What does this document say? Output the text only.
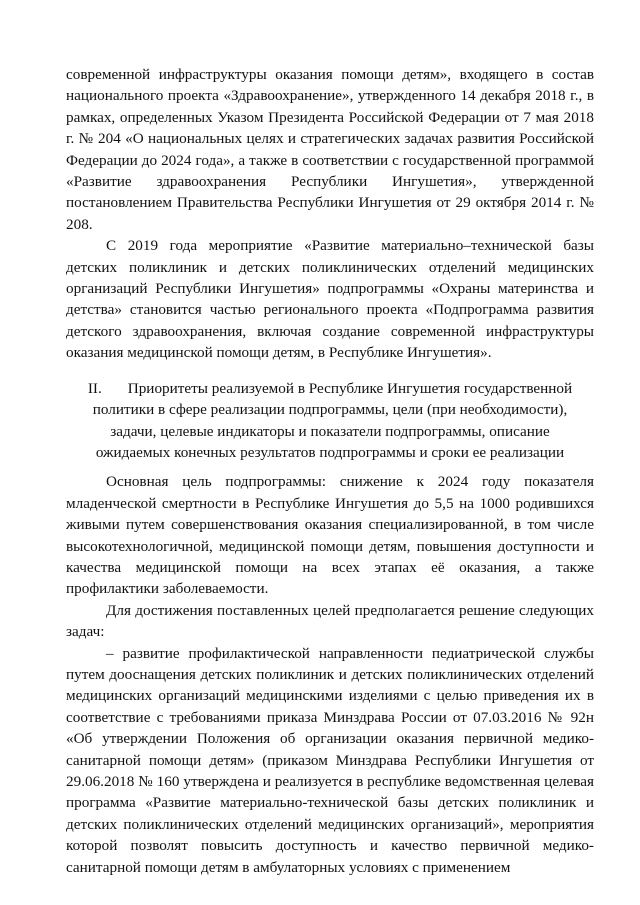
современной инфраструктуры оказания помощи детям», входящего в состав национального проекта «Здравоохранение», утвержденного 14 декабря 2018 г., в рамках, определенных Указом Президента Российской Федерации от 7 мая 2018 г. № 204 «О национальных целях и стратегических задачах развития Российской Федерации до 2024 года», а также в соответствии с государственной программой «Развитие здравоохранения Республики Ингушетия», утвержденной постановлением Правительства Республики Ингушетия от 29 октября 2014 г. № 208.

С 2019 года мероприятие «Развитие материально–технической базы детских поликлиник и детских поликлинических отделений медицинских организаций Республики Ингушетия» подпрограммы «Охраны материнства и детства» становится частью регионального проекта «Подпрограмма развития детского здравоохранения, включая создание современной инфраструктуры оказания медицинской помощи детям, в Республике Ингушетия».

II. Приоритеты реализуемой в Республике Ингушетия государственной политики в сфере реализации подпрограммы, цели (при необходимости), задачи, целевые индикаторы и показатели подпрограммы, описание ожидаемых конечных результатов подпрограммы и сроки ее реализации

Основная цель подпрограммы: снижение к 2024 году показателя младенческой смертности в Республике Ингушетия до 5,5 на 1000 родившихся живыми путем совершенствования оказания специализированной, в том числе высокотехнологичной, медицинской помощи детям, повышения доступности и качества медицинской помощи на всех этапах её оказания, а также профилактики заболеваемости.

Для достижения поставленных целей предполагается решение следующих задач:

– развитие профилактической направленности педиатрической службы путем дооснащения детских поликлиник и детских поликлинических отделений медицинских организаций медицинскими изделиями с целью приведения их в соответствие с требованиями приказа Минздрава России от 07.03.2016 № 92н «Об утверждении Положения об организации оказания первичной медико-санитарной помощи детям» (приказом Минздрава Республики Ингушетия от 29.06.2018 № 160 утверждена и реализуется в республике ведомственная целевая программа «Развитие материально-технической базы детских поликлиник и детских поликлинических отделений медицинских организаций», мероприятия которой позволят повысить доступность и качество первичной медико-санитарной помощи детям в амбулаторных условиях с применением
